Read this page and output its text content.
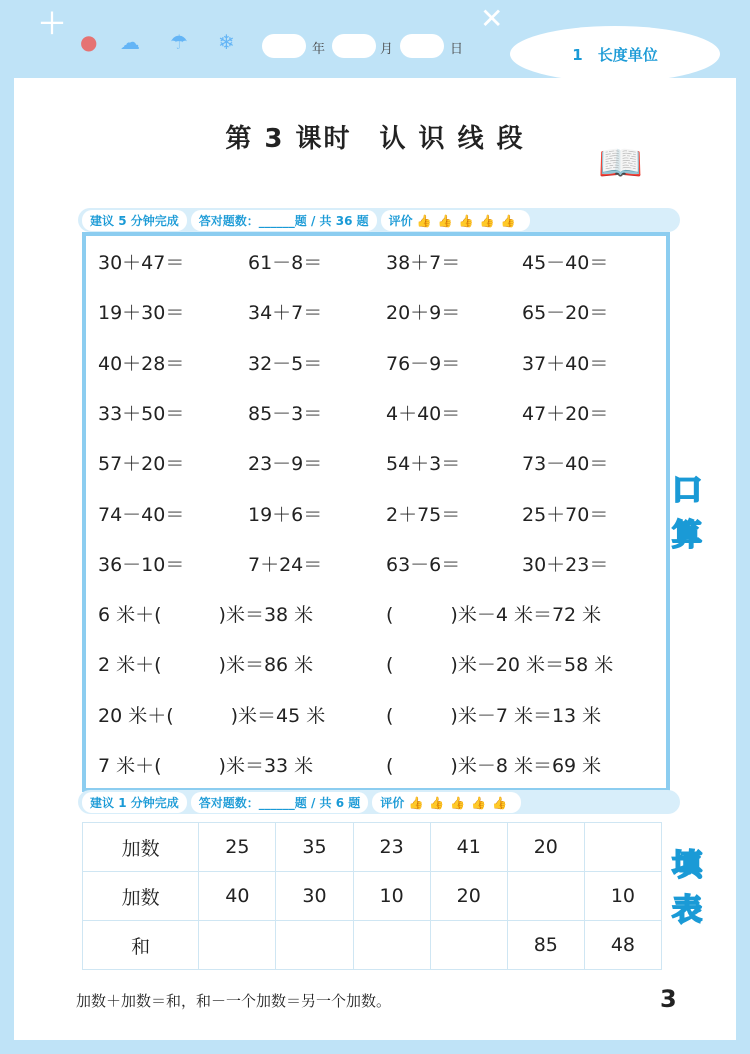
＋	✕
● ☁ ☂ ❄	年	月	日	1　长度单位
第 3 课时　认 识 线 段
📖
建议 5 分钟完成	答对题数：______题 / 共 36 题	评价 👍👍👍👍👍
30＋47＝	61－8＝	38＋7＝	45－40＝
19＋30＝	34＋7＝	20＋9＝	65－20＝
40＋28＝	32－5＝	76－9＝	37＋40＝
33＋50＝	85－3＝	4＋40＝	47＋20＝
57＋20＝	23－9＝	54＋3＝	73－40＝
74－40＝	19＋6＝	2＋75＝	25＋70＝
36－10＝	7＋24＝	63－6＝	30＋23＝
6 米＋(　　　)米＝38 米	(　　　)米－4 米＝72 米
2 米＋(　　　)米＝86 米	(　　　)米－20 米＝58 米
20 米＋(　　　)米＝45 米	(　　　)米－7 米＝13 米
7 米＋(　　　)米＝33 米	(　　　)米－8 米＝69 米
口
算
建议 1 分钟完成	答对题数：______题 / 共 6 题	评价 👍👍👍👍👍
加数	25	35	23	41	20	
加数	40	30	10	20		10
和					85	48
填
表
加数＋加数＝和，和－一个加数＝另一个加数。	3
